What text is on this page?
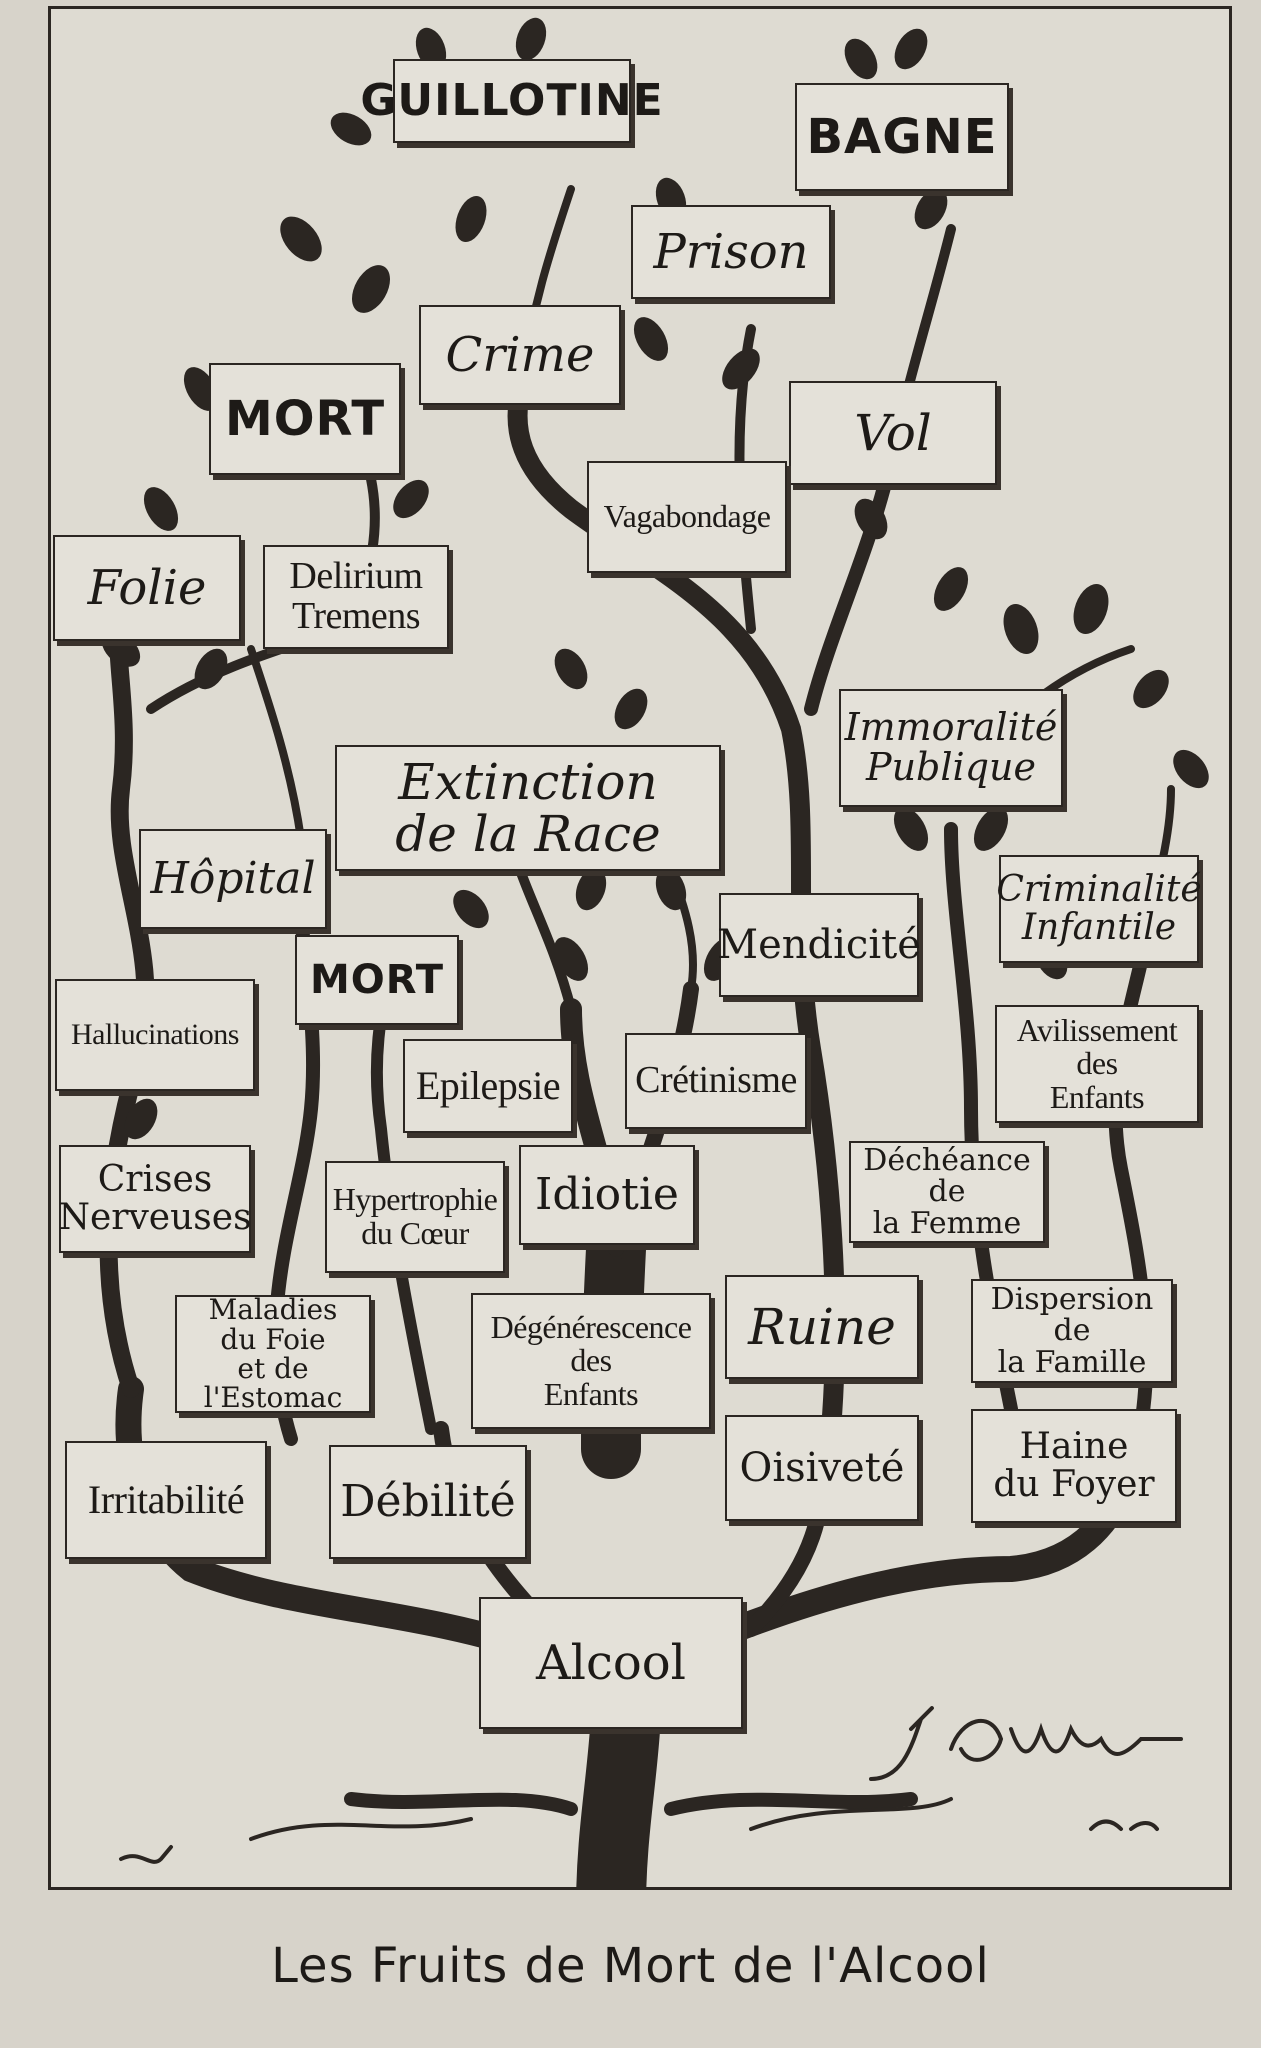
GUILLOTINE
BAGNE
Prison
Crime
MORT	Vol
Vagabondage
Folie	Delirium
Tremens
Extinction
de la Race
Immoralité
Publique
Hôpital	Criminalité
Infantile
MORT
Mendicité
Hallucinations	Avilissement
des
Enfants
Epilepsie	Crétinisme
Crises
Nerveuses	Hypertrophie
du Cœur
Idiotie
Déchéance
de
la Femme
Maladies
du Foie
et de l'Estomac
Dégénérescence
des
Enfants
Ruine	Dispersion
de
la Famille
Irritabilité	Débilité
Oisiveté	Haine
du Foyer
Alcool
Les Fruits de Mort de l'Alcool
